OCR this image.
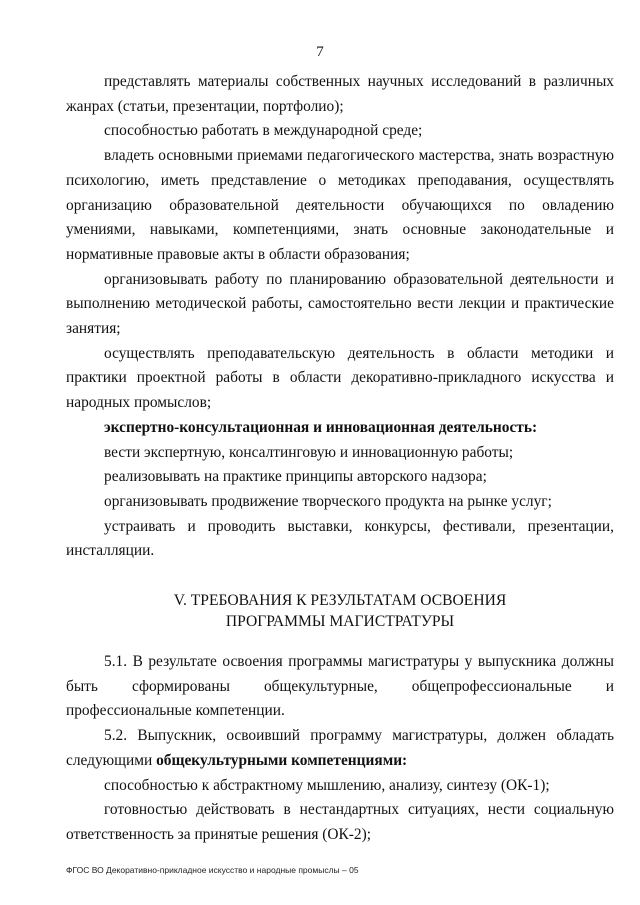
7

представлять материалы собственных научных исследований в различных жанрах (статьи, презентации, портфолио);

способностью работать в международной среде;

владеть основными приемами педагогического мастерства, знать возрастную психологию, иметь представление о методиках преподавания, осуществлять организацию образовательной деятельности обучающихся по овладению умениями, навыками, компетенциями, знать основные законодательные и нормативные правовые акты в области образования;

организовывать работу по планированию образовательной деятельности и выполнению методической работы, самостоятельно вести лекции и практические занятия;

осуществлять преподавательскую деятельность в области методики и практики проектной работы в области декоративно-прикладного искусства и народных промыслов;

экспертно-консультационная и инновационная деятельность:

вести экспертную, консалтинговую и инновационную работы;

реализовывать на практике принципы авторского надзора;

организовывать продвижение творческого продукта на рынке услуг;

устраивать и проводить выставки, конкурсы, фестивали, презентации, инсталляции.

V. ТРЕБОВАНИЯ К РЕЗУЛЬТАТАМ ОСВОЕНИЯ
ПРОГРАММЫ МАГИСТРАТУРЫ

5.1. В результате освоения программы магистратуры у выпускника должны быть сформированы общекультурные, общепрофессиональные и профессиональные компетенции.

5.2. Выпускник, освоивший программу магистратуры, должен обладать следующими общекультурными компетенциями:

способностью к абстрактному мышлению, анализу, синтезу (ОК-1);

готовностью действовать в нестандартных ситуациях, нести социальную ответственность за принятые решения (ОК-2);

ФГОС ВО Декоративно-прикладное искусство и народные промыслы – 05
